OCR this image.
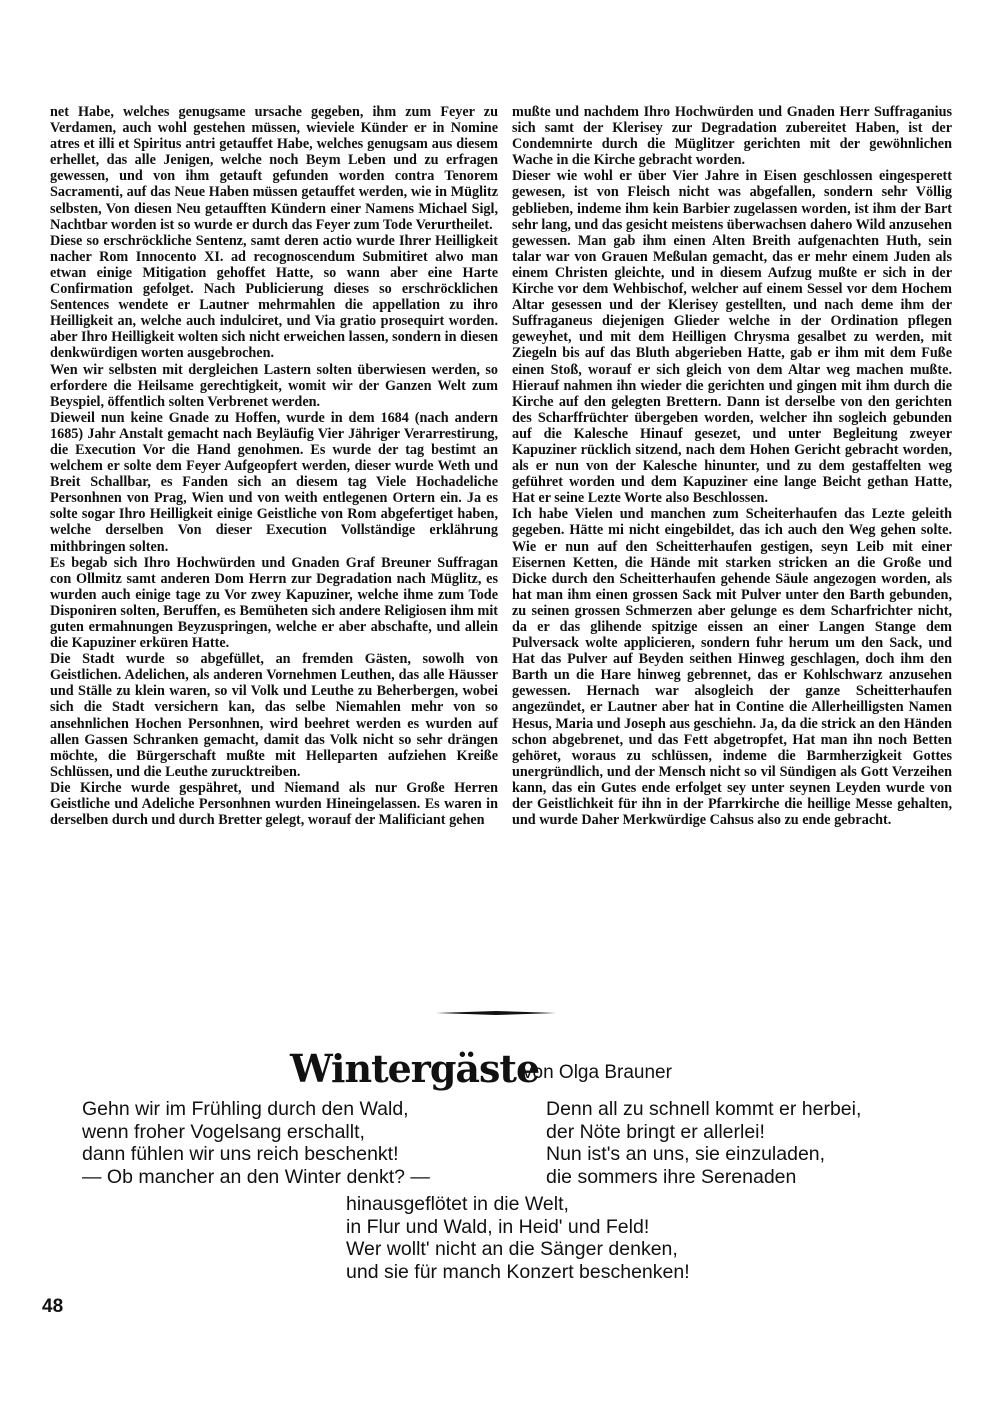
net Habe, welches genugsame ursache gegeben, ihm zum Feyer zu Verdamen, auch wohl gestehen müssen, wieviele Künder er in Nomine atres et illi et Spiritus antri getauffet Habe, welches genugsam aus diesem erhellet, das alle Jenigen, welche noch Beym Leben und zu erfragen gewessen, und von ihm getauft gefunden worden contra Tenorem Sacramenti, auf das Neue Haben müssen getauffet werden, wie in Müglitz selbsten, Von diesen Neu getaufften Kündern einer Namens Michael Sigl, Nachtbar worden ist so wurde er durch das Feyer zum Tode Verurtheilet.

Diese so erschröckliche Sentenz, samt deren actio wurde Ihrer Heilligkeit nacher Rom Innocento XI. ad recognoscendum Submitiret alwo man etwan einige Mitigation gehoffet Hatte, so wann aber eine Harte Confirmation gefolget. Nach Publicierung dieses so erschröcklichen Sentences wendete er Lautner mehrmahlen die appellation zu ihro Heilligkeit an, welche auch indulciret, und Via gratio prosequirt worden. aber Ihro Heilligkeit wolten sich nicht erweichen lassen, sondern in diesen denkwürdigen worten ausgebrochen.

Wen wir selbsten mit dergleichen Lastern solten überwiesen werden, so erfordere die Heilsame gerechtigkeit, womit wir der Ganzen Welt zum Beyspiel, öffentlich solten Verbrenet werden.

Dieweil nun keine Gnade zu Hoffen, wurde in dem 1684 (nach andern 1685) Jahr Anstalt gemacht nach Beyläufig Vier Jähriger Verarrestirung, die Execution Vor die Hand genohmen. Es wurde der tag bestimt an welchem er solte dem Feyer Aufgeopfert werden, dieser wurde Weth und Breit Schallbar, es Fanden sich an diesem tag Viele Hochadeliche Personhnen von Prag, Wien und von weith entlegenen Ortern ein. Ja es solte sogar Ihro Heilligkeit einige Geistliche von Rom abgefertiget haben, welche derselben Von dieser Execution Vollständige erklährung mithbringen solten.

Es begab sich Ihro Hochwürden und Gnaden Graf Breuner Suffragan con Ollmitz samt anderen Dom Herrn zur Degradation nach Müglitz, es wurden auch einige tage zu Vor zwey Kapuziner, welche ihme zum Tode Disponiren solten, Beruffen, es Bemüheten sich andere Religiosen ihm mit guten ermahnungen Beyzuspringen, welche er aber abschafte, und allein die Kapuziner erküren Hatte.

Die Stadt wurde so abgefüllet, an fremden Gästen, sowolh von Geistlichen. Adelichen, als anderen Vornehmen Leuthen, das alle Häusser und Ställe zu klein waren, so vil Volk und Leuthe zu Beherbergen, wobei sich die Stadt versichern kan, das selbe Niemahlen mehr von so ansehnlichen Hochen Personhnen, wird beehret werden es wurden auf allen Gassen Schranken gemacht, damit das Volk nicht so sehr drängen möchte, die Bürgerschaft mußte mit Helleparten aufziehen Kreiße Schlüssen, und die Leuthe zurucktreiben.

Die Kirche wurde gespähret, und Niemand als nur Große Herren Geistliche und Adeliche Personhnen wurden Hineingelassen. Es waren in derselben durch und durch Bretter gelegt, worauf der Malificiant gehen

mußte und nachdem Ihro Hochwürden und Gnaden Herr Suffraganius sich samt der Klerisey zur Degradation zubereitet Haben, ist der Condemnirte durch die Müglitzer gerichten mit der gewöhnlichen Wache in die Kirche gebracht worden.

Dieser wie wohl er über Vier Jahre in Eisen geschlossen eingesperett gewesen, ist von Fleisch nicht was abgefallen, sondern sehr Völlig geblieben, indeme ihm kein Barbier zugelassen worden, ist ihm der Bart sehr lang, und das gesicht meistens überwachsen dahero Wild anzusehen gewessen. Man gab ihm einen Alten Breith aufgenachten Huth, sein talar war von Grauen Meßulan gemacht, das er mehr einem Juden als einem Christen gleichte, und in diesem Aufzug mußte er sich in der Kirche vor dem Wehbischof, welcher auf einem Sessel vor dem Hochem Altar gesessen und der Klerisey gestellten, und nach deme ihm der Suffraganeus diejenigen Glieder welche in der Ordination pflegen geweyhet, und mit dem Heilligen Chrysma gesalbet zu werden, mit Ziegeln bis auf das Bluth abgerieben Hatte, gab er ihm mit dem Fuße einen Stoß, worauf er sich gleich von dem Altar weg machen mußte. Hierauf nahmen ihn wieder die gerichten und gingen mit ihm durch die Kirche auf den gelegten Brettern. Dann ist derselbe von den gerichten des Scharffrüchter übergeben worden, welcher ihn sogleich gebunden auf die Kalesche Hinauf gesezet, und unter Begleitung zweyer Kapuziner rücklich sitzend, nach dem Hohen Gericht gebracht worden, als er nun von der Kalesche hinunter, und zu dem gestaffelten weg geführet worden und dem Kapuziner eine lange Beicht gethan Hatte, Hat er seine Lezte Worte also Beschlossen.

Ich habe Vielen und manchen zum Scheiterhaufen das Lezte geleith gegeben. Hätte mi nicht eingebildet, das ich auch den Weg gehen solte. Wie er nun auf den Scheitterhaufen gestigen, seyn Leib mit einer Eisernen Ketten, die Hände mit starken stricken an die Große und Dicke durch den Scheitterhaufen gehende Säule angezogen worden, als hat man ihm einen grossen Sack mit Pulver unter den Barth gebunden, zu seinen grossen Schmerzen aber gelunge es dem Scharfrichter nicht, da er das glihende spitzige eissen an einer Langen Stange dem Pulversack wolte applicieren, sondern fuhr herum um den Sack, und Hat das Pulver auf Beyden seithen Hinweg geschlagen, doch ihm den Barth un die Hare hinweg gebrennet, das er Kohlschwarz anzusehen gewessen. Hernach war alsogleich der ganze Scheitterhaufen angezündet, er Lautner aber hat in Contine die Allerheilligsten Namen Hesus, Maria und Joseph aus geschiehn. Ja, da die strick an den Händen schon abgebrenet, und das Fett abgetropfet, Hat man ihn noch Betten gehöret, woraus zu schlüssen, indeme die Barmherzigkeit Gottes unergründlich, und der Mensch nicht so vil Sündigen als Gott Verzeihen kann, das ein Gutes ende erfolget sey unter seynen Leyden wurde von der Geistlichkeit für ihn in der Pfarrkirche die heillige Messe gehalten, und wurde Daher Merkwürdige Cahsus also zu ende gebracht.

Wintergäste
von Olga Brauner
Gehn wir im Frühling durch den Wald,
wenn froher Vogelsang erschallt,
dann fühlen wir uns reich beschenkt!
— Ob mancher an den Winter denkt? —
Denn all zu schnell kommt er herbei,
der Nöte bringt er allerlei!
Nun ist's an uns, sie einzuladen,
die sommers ihre Serenaden
hinausgeflötet in die Welt,
in Flur und Wald, in Heid' und Feld!
Wer wollt' nicht an die Sänger denken,
und sie für manch Konzert beschenken!
48
